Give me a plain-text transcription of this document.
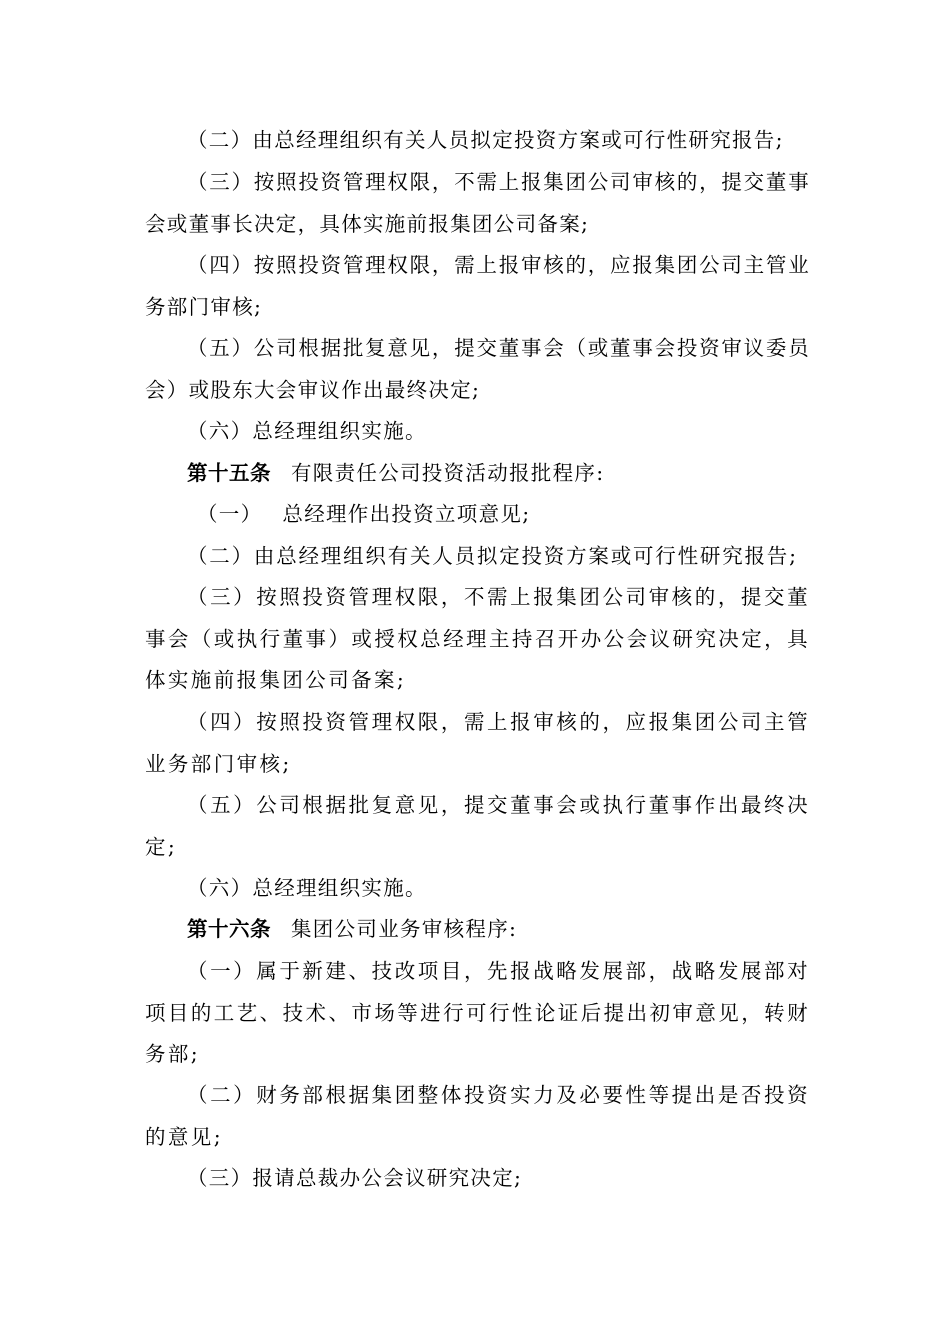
（二）由总经理组织有关人员拟定投资方案或可行性研究报告;
（三）按照投资管理权限，不需上报集团公司审核的，提交董事会或董事长决定，具体实施前报集团公司备案;
（四）按照投资管理权限，需上报审核的，应报集团公司主管业务部门审核;
（五）公司根据批复意见，提交董事会（或董事会投资审议委员会）或股东大会审议作出最终决定;
（六）总经理组织实施。
第十五条 有限责任公司投资活动报批程序:
（一） 总经理作出投资立项意见;
（二）由总经理组织有关人员拟定投资方案或可行性研究报告;
（三）按照投资管理权限，不需上报集团公司审核的，提交董事会（或执行董事）或授权总经理主持召开办公会议研究决定，具体实施前报集团公司备案;
（四）按照投资管理权限，需上报审核的，应报集团公司主管业务部门审核;
（五）公司根据批复意见，提交董事会或执行董事作出最终决定;
（六）总经理组织实施。
第十六条 集团公司业务审核程序:
（一）属于新建、技改项目，先报战略发展部，战略发展部对项目的工艺、技术、市场等进行可行性论证后提出初审意见，转财务部;
（二）财务部根据集团整体投资实力及必要性等提出是否投资的意见;
（三）报请总裁办公会议研究决定;
